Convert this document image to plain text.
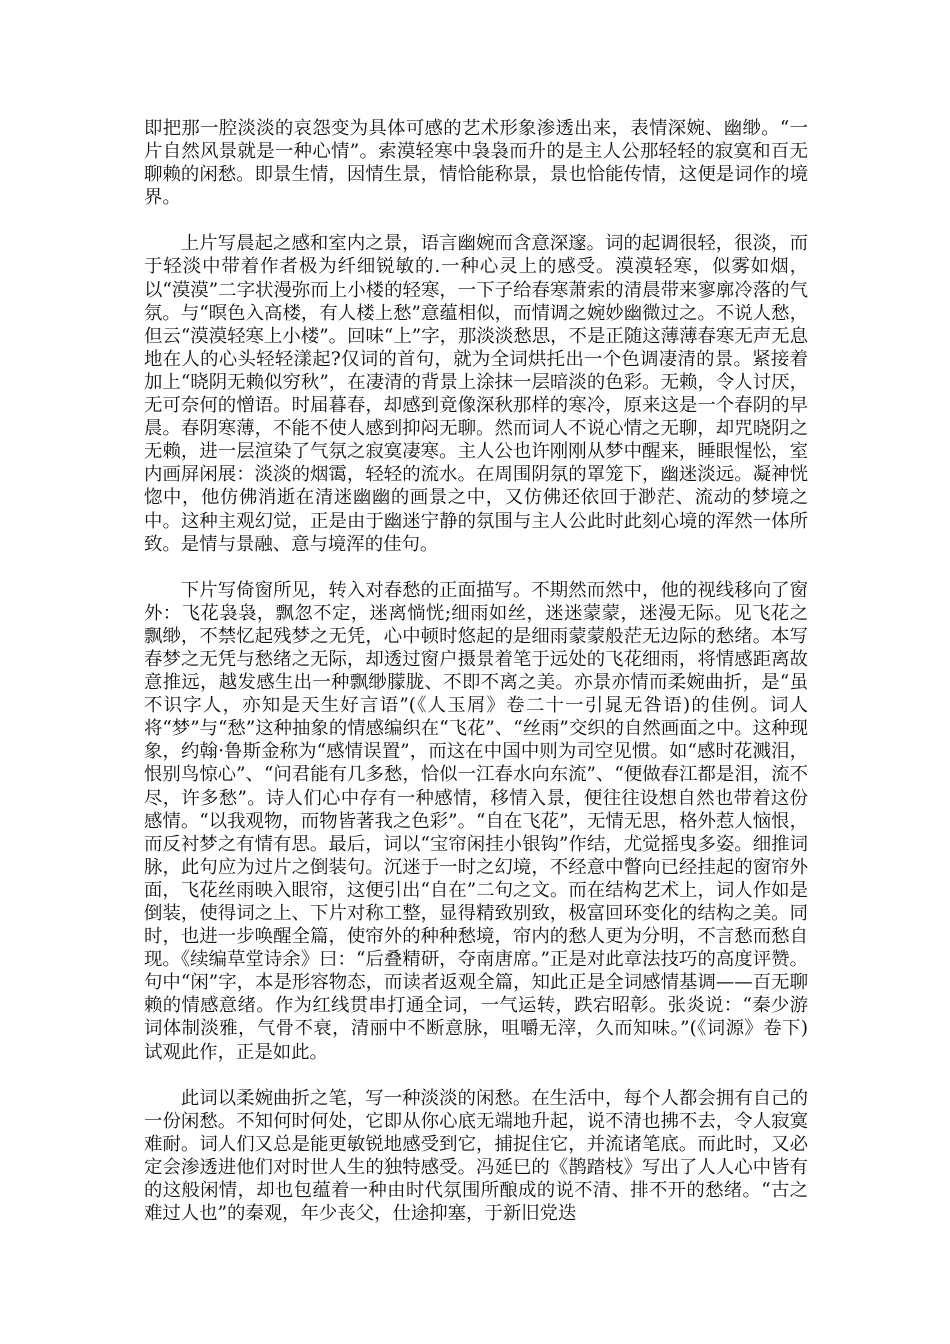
即把那一腔淡淡的哀怨变为具体可感的艺术形象渗透出来，表情深婉、幽缈。“一片自然风景就是一种心情”。索漠轻寒中袅袅而升的是主人公那轻轻的寂寞和百无聊赖的闲愁。即景生情，因情生景，情恰能称景，景也恰能传情，这便是词作的境界。

上片写晨起之感和室内之景，语言幽婉而含意深邃。词的起调很轻，很淡，而于轻淡中带着作者极为纤细锐敏的.一种心灵上的感受。漠漠轻寒，似雾如烟，以“漠漠”二字状漫弥而上小楼的轻寒，一下子给春寒萧索的清晨带来寥廓冷落的气氛。与“暝色入高楼，有人楼上愁”意蕴相似，而情调之婉妙幽微过之。不说人愁，但云“漠漠轻寒上小楼”。回味“上”字，那淡淡愁思，不是正随这薄薄春寒无声无息地在人的心头轻轻漾起?仅词的首句，就为全词烘托出一个色调凄清的景。紧接着加上“晓阴无赖似穷秋”，在凄清的背景上涂抹一层暗淡的色彩。无赖，令人讨厌，无可奈何的憎语。时届暮春，却感到竟像深秋那样的寒冷，原来这是一个春阴的早晨。春阴寒薄，不能不使人感到抑闷无聊。然而词人不说心情之无聊，却咒晓阴之无赖，进一层渲染了气氛之寂寞凄寒。主人公也许刚刚从梦中醒来，睡眼惺忪，室内画屏闲展：淡淡的烟霭，轻轻的流水。在周围阴氛的罩笼下，幽迷淡远。凝神恍惚中，他仿佛消逝在清迷幽幽的画景之中，又仿佛还依回于渺茫、流动的梦境之中。这种主观幻觉，正是由于幽迷宁静的氛围与主人公此时此刻心境的浑然一体所致。是情与景融、意与境浑的佳句。

下片写倚窗所见，转入对春愁的正面描写。不期然而然中，他的视线移向了窗外：飞花袅袅，飘忽不定，迷离惝恍;细雨如丝，迷迷蒙蒙，迷漫无际。见飞花之飘缈，不禁忆起残梦之无凭，心中顿时悠起的是细雨蒙蒙般茫无边际的愁绪。本写春梦之无凭与愁绪之无际，却透过窗户摄景着笔于远处的飞花细雨，将情感距离故意推远，越发感生出一种飘缈朦胧、不即不离之美。亦景亦情而柔婉曲折，是“虽不识字人，亦知是天生好言语”(《人玉屑》卷二十一引晁无咎语)的佳例。词人将“梦”与“愁”这种抽象的情感编织在“飞花”、“丝雨”交织的自然画面之中。这种现象，约翰·鲁斯金称为“感情误置”，而这在中国中则为司空见惯。如“感时花溅泪，恨别鸟惊心”、“问君能有几多愁，恰似一江春水向东流”、“便做春江都是泪，流不尽，许多愁”。诗人们心中存有一种感情，移情入景，便往往设想自然也带着这份感情。“以我观物，而物皆著我之色彩”。“自在飞花”，无情无思，格外惹人恼恨，而反衬梦之有情有思。最后，词以“宝帘闲挂小银钩”作结，尤觉摇曳多姿。细推词脉，此句应为过片之倒装句。沉迷于一时之幻境，不经意中瞥向已经挂起的窗帘外面，飞花丝雨映入眼帘，这便引出“自在”二句之文。而在结构艺术上，词人作如是倒装，使得词之上、下片对称工整，显得精致别致，极富回环变化的结构之美。同时，也进一步唤醒全篇，使帘外的种种愁境，帘内的愁人更为分明，不言愁而愁自现。《续编草堂诗余》曰：“后叠精研，夺南唐席。”正是对此章法技巧的高度评赞。句中“闲”字，本是形容物态，而读者返观全篇，知此正是全词感情基调——百无聊赖的情感意绪。作为红线贯串打通全词，一气运转，跌宕昭彰。张炎说：“秦少游词体制淡雅，气骨不衰，清丽中不断意脉，咀嚼无滓，久而知味。”(《词源》卷下)试观此作，正是如此。

此词以柔婉曲折之笔，写一种淡淡的闲愁。在生活中，每个人都会拥有自己的一份闲愁。不知何时何处，它即从你心底无端地升起，说不清也拂不去，令人寂寞难耐。词人们又总是能更敏锐地感受到它，捕捉住它，并流诸笔底。而此时，又必定会渗透进他们对时世人生的独特感受。冯延巳的《鹊踏枝》写出了人人心中皆有的这般闲情，却也包蕴着一种由时代氛围所酿成的说不清、排不开的愁绪。“古之难过人也”的秦观，年少丧父，仕途抑塞，于新旧党迭
